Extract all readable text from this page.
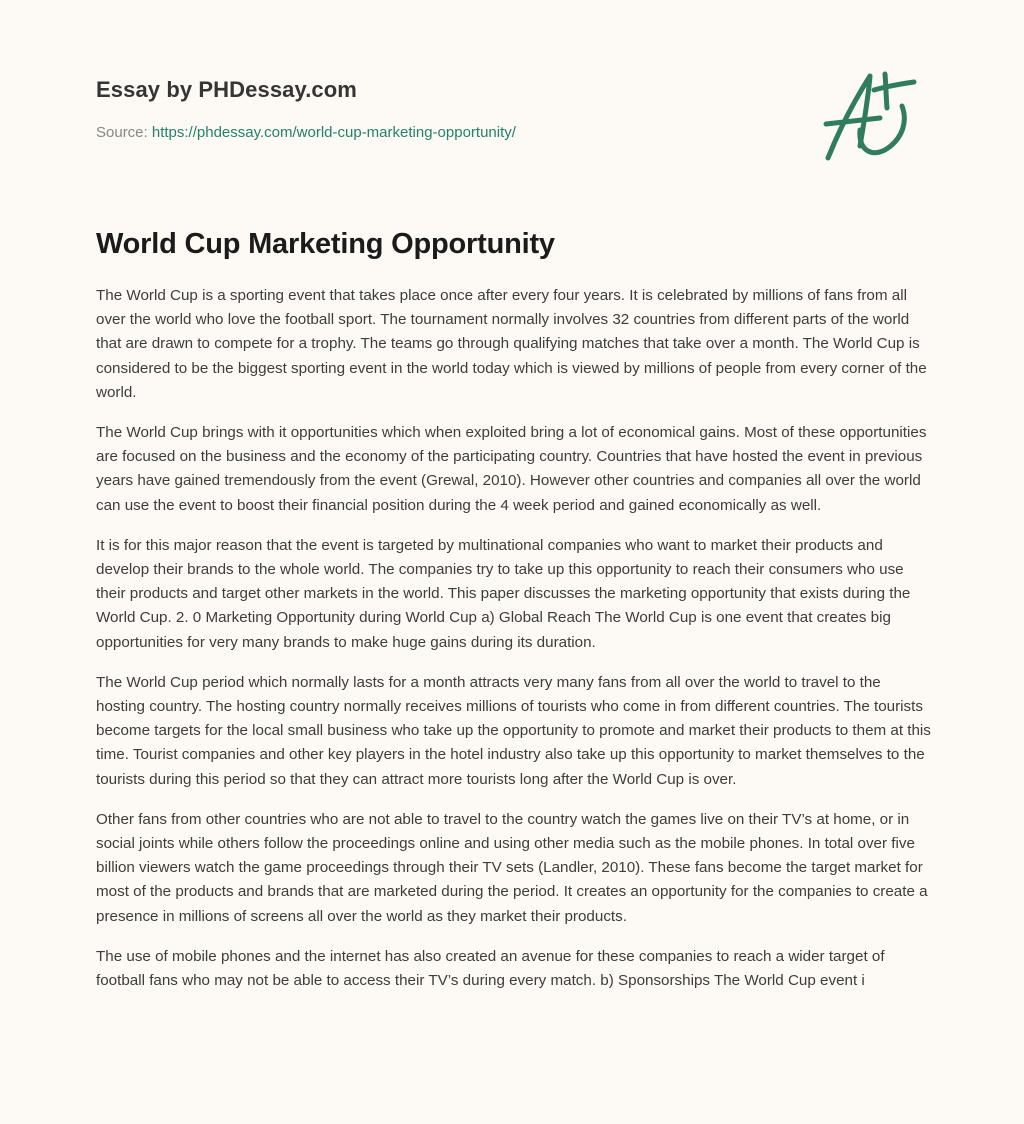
Essay by PHDessay.com
Source: https://phdessay.com/world-cup-marketing-opportunity/
World Cup Marketing Opportunity

The World Cup is a sporting event that takes place once after every four years. It is celebrated by millions of fans from all over the world who love the football sport. The tournament normally involves 32 countries from different parts of the world that are drawn to compete for a trophy. The teams go through qualifying matches that take over a month. The World Cup is considered to be the biggest sporting event in the world today which is viewed by millions of people from every corner of the world.

The World Cup brings with it opportunities which when exploited bring a lot of economical gains. Most of these opportunities are focused on the business and the economy of the participating country. Countries that have hosted the event in previous years have gained tremendously from the event (Grewal, 2010). However other countries and companies all over the world can use the event to boost their financial position during the 4 week period and gained economically as well.

It is for this major reason that the event is targeted by multinational companies who want to market their products and develop their brands to the whole world. The companies try to take up this opportunity to reach their consumers who use their products and target other markets in the world. This paper discusses the marketing opportunity that exists during the World Cup. 2. 0 Marketing Opportunity during World Cup a) Global Reach The World Cup is one event that creates big opportunities for very many brands to make huge gains during its duration.

The World Cup period which normally lasts for a month attracts very many fans from all over the world to travel to the hosting country. The hosting country normally receives millions of tourists who come in from different countries. The tourists become targets for the local small business who take up the opportunity to promote and market their products to them at this time. Tourist companies and other key players in the hotel industry also take up this opportunity to market themselves to the tourists during this period so that they can attract more tourists long after the World Cup is over.

Other fans from other countries who are not able to travel to the country watch the games live on their TV’s at home, or in social joints while others follow the proceedings online and using other media such as the mobile phones. In total over five billion viewers watch the game proceedings through their TV sets (Landler, 2010). These fans become the target market for most of the products and brands that are marketed during the period. It creates an opportunity for the companies to create a presence in millions of screens all over the world as they market their products.

The use of mobile phones and the internet has also created an avenue for these companies to reach a wider target of football fans who may not be able to access their TV’s during every match. b) Sponsorships The World Cup event i
